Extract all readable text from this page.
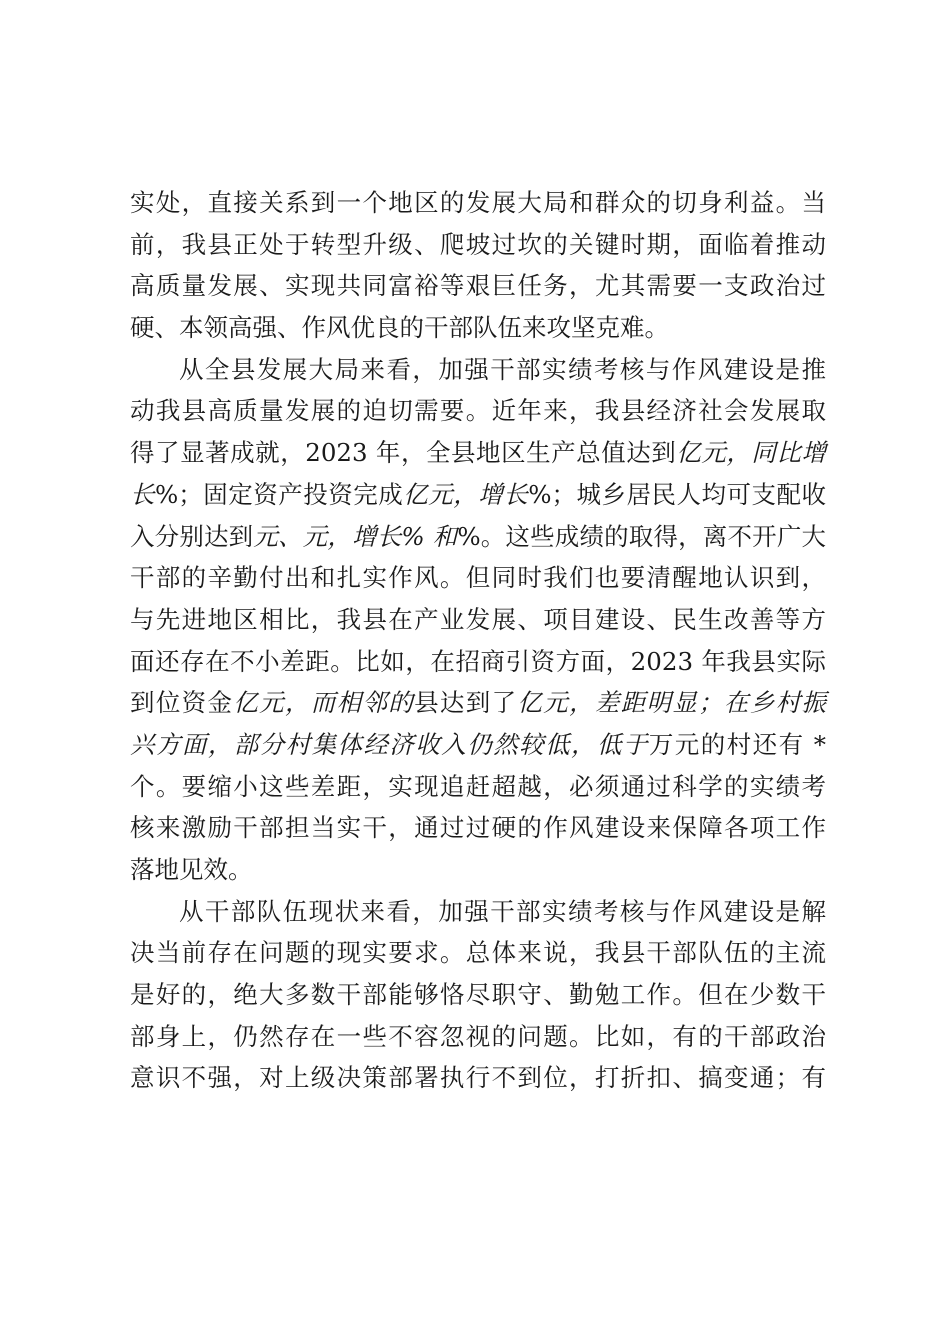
实处，直接关系到一个地区的发展大局和群众的切身利益。当
前，我县正处于转型升级、爬坡过坎的关键时期，面临着推动
高质量发展、实现共同富裕等艰巨任务，尤其需要一支政治过
硬、本领高强、作风优良的干部队伍来攻坚克难。
从全县发展大局来看，加强干部实绩考核与作风建设是推
动我县高质量发展的迫切需要。近年来，我县经济社会发展取
得了显著成就，2023 年，全县地区生产总值达到亿元，同比增
长%；固定资产投资完成亿元，增长%；城乡居民人均可支配收
入分别达到元、元，增长% 和%。这些成绩的取得，离不开广大
干部的辛勤付出和扎实作风。但同时我们也要清醒地认识到，
与先进地区相比，我县在产业发展、项目建设、民生改善等方
面还存在不小差距。比如，在招商引资方面，2023 年我县实际
到位资金亿元，而相邻的县达到了亿元，差距明显；在乡村振
兴方面，部分村集体经济收入仍然较低，低于万元的村还有 *
个。要缩小这些差距，实现追赶超越，必须通过科学的实绩考
核来激励干部担当实干，通过过硬的作风建设来保障各项工作
落地见效。
从干部队伍现状来看，加强干部实绩考核与作风建设是解
决当前存在问题的现实要求。总体来说，我县干部队伍的主流
是好的，绝大多数干部能够恪尽职守、勤勉工作。但在少数干
部身上，仍然存在一些不容忽视的问题。比如，有的干部政治
意识不强，对上级决策部署执行不到位，打折扣、搞变通；有
